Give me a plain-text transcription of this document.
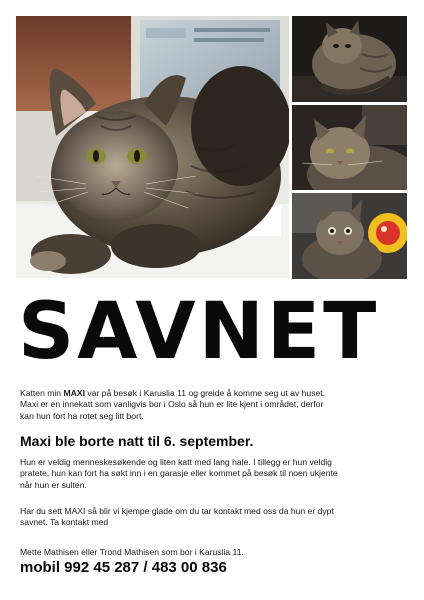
SAVNET
Katten min MAXI var på besøk i Karuslia 11 og greide å komme seg ut av huset.
Maxi er en innekatt som vanligvis bor i Oslo så hun er lite kjent i området, derfor
kan hun fort ha rotet seg litt bort.
Maxi ble borte natt til 6. september.
Hun er veldig menneskesøkende og liten katt med lang hale. I tillegg er hun veldig
pratete, hun kan fort ha søkt inn i en garasje eller kommet på besøk til noen ukjente
når hun er sulten.
Har du sett MAXI så blir vi kjempe glade om du tar kontakt med oss da hun er dypt
savnet. Ta kontakt med
Mette Mathisen eller Trond Mathisen som bor i Karuslia 11.
mobil 992 45 287 / 483 00 836
